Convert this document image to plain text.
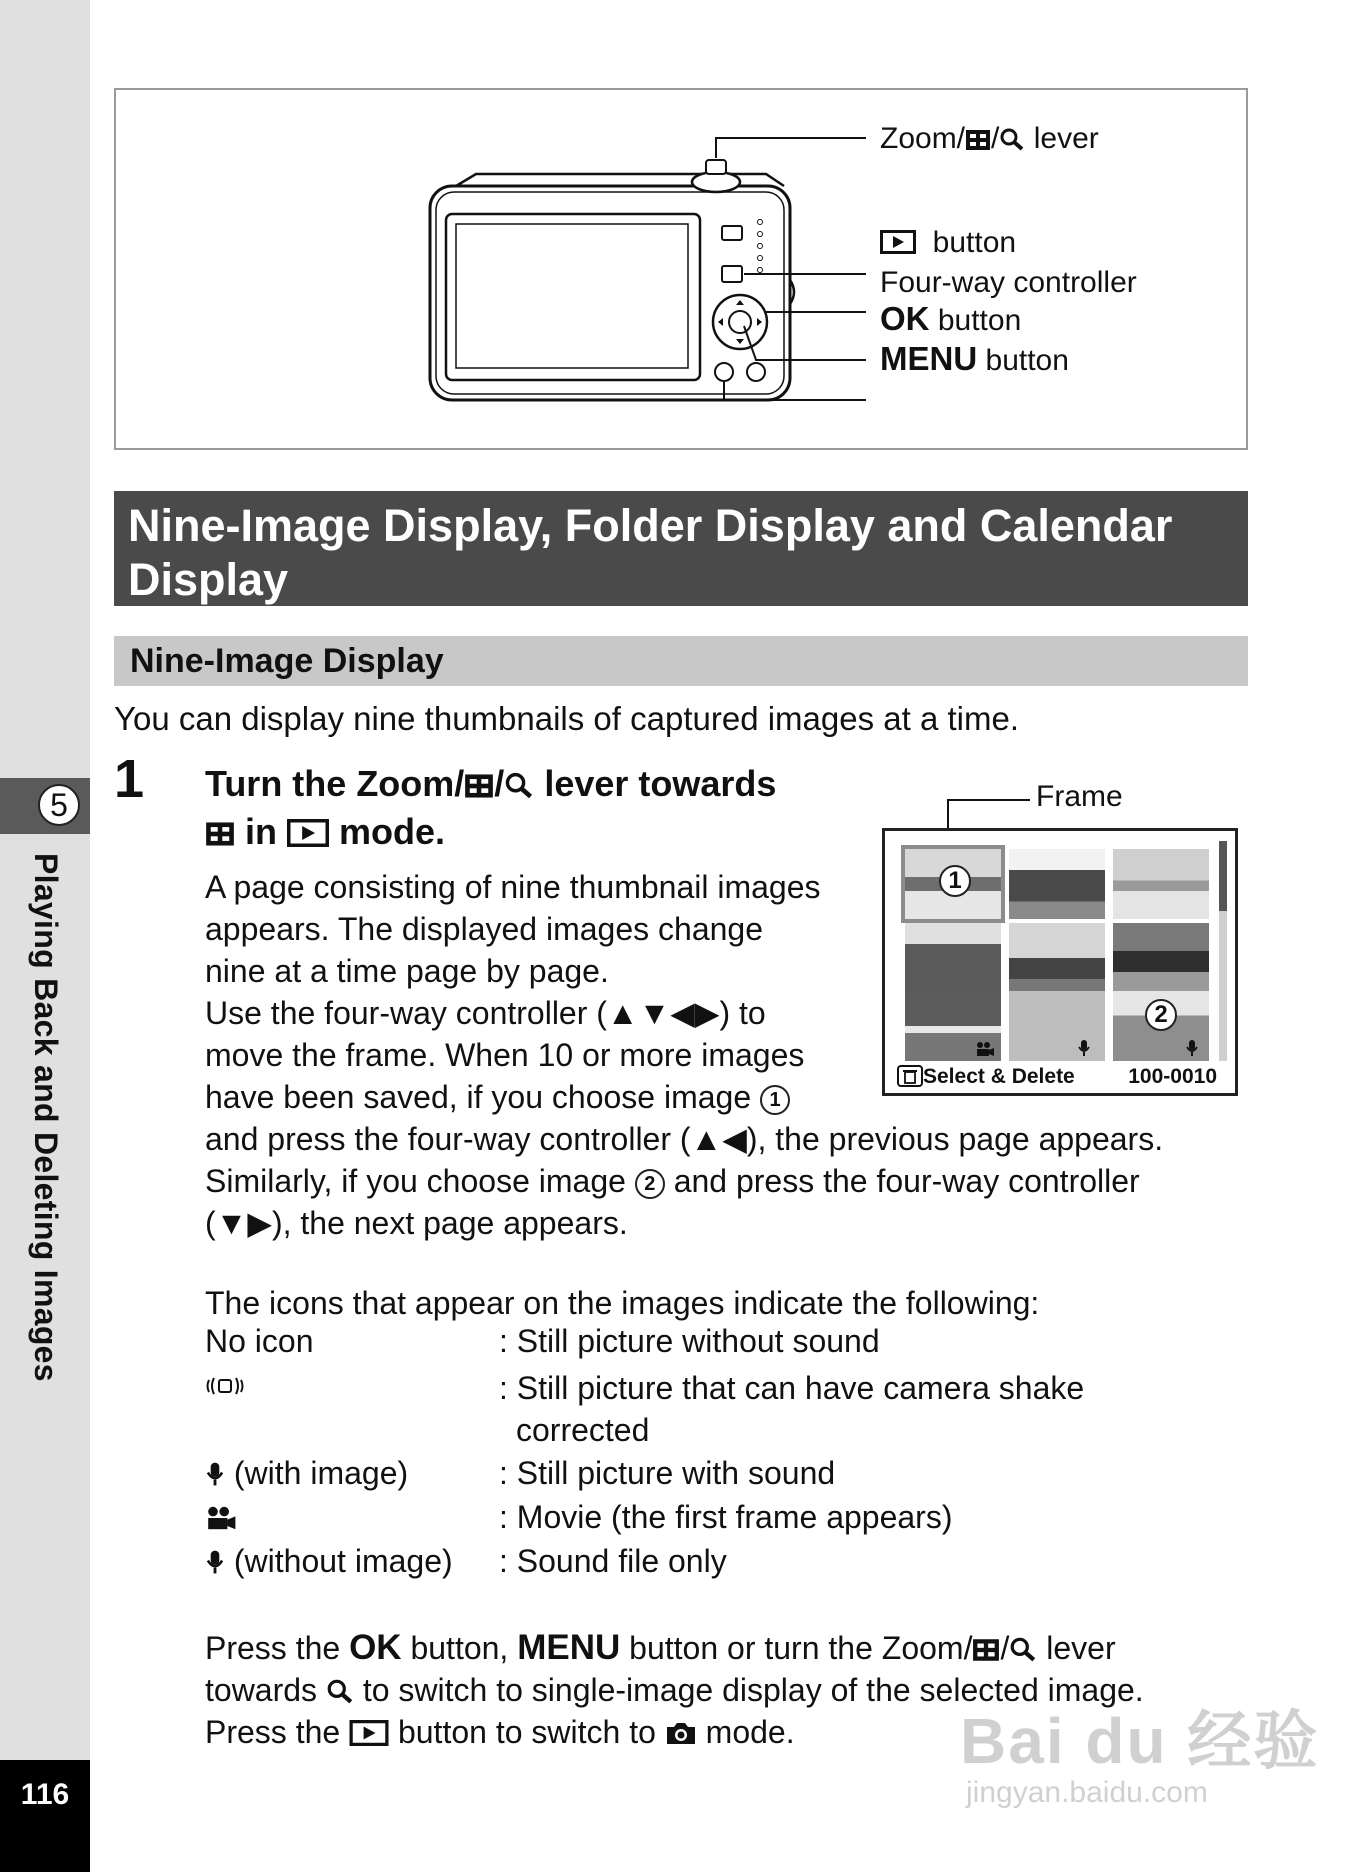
5
Playing Back and Deleting Images
116
Zoom/ / lever
button
Four-way controller
OK button
MENU button
Nine-Image Display, Folder Display and Calendar Display
Nine-Image Display
You can display nine thumbnails of captured images at a time.
1 Turn the Zoom/ / lever towards
in mode.
A page consisting of nine thumbnail images
appears. The displayed images change
nine at a time page by page.
Use the four-way controller (▲▼◀▶) to
move the frame. When 10 or more images
have been saved, if you choose image 1
and press the four-way controller (▲◀), the previous page appears.
Similarly, if you choose image 2 and press the four-way controller
(▼▶), the next page appears.
Frame
1
2
Select & Delete	100-0010
The icons that appear on the images indicate the following:
No icon	: Still picture without sound
: Still picture that can have camera shake
corrected
(with image)	: Still picture with sound
: Movie (the first frame appears)
(without image) : Sound file only
Press the OK button, MENU button or turn the Zoom/ / lever
towards to switch to single-image display of the selected image.
Press the button to switch to mode.	Bai du 经验
jingyan.baidu.com
